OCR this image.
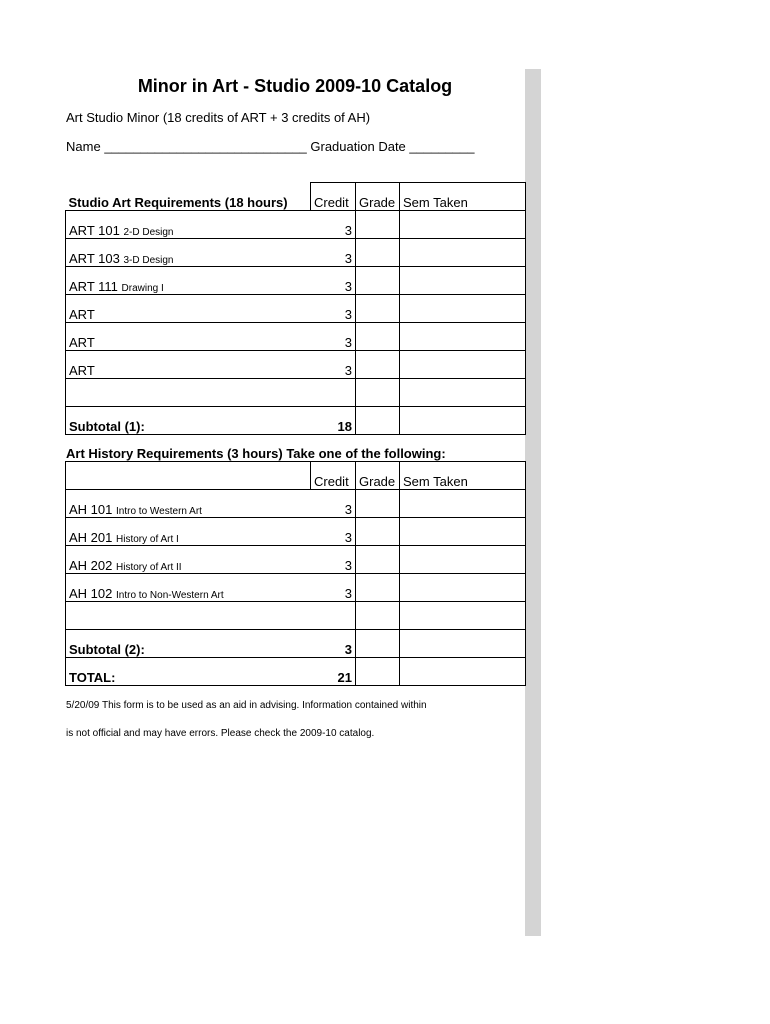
Minor in Art - Studio 2009-10 Catalog
Art Studio Minor (18 credits of ART + 3 credits of AH)
Name ____________________________ Graduation Date _________
Studio Art Requirements (18 hours)	Credit	Grade	Sem Taken
ART 101 2-D Design	3		
ART 103 3-D Design	3		
ART 111 Drawing I	3		
ART	3		
ART	3		
ART	3		

Subtotal (1):	18		
Art History Requirements (3 hours) Take one of the following:
	Credit	Grade	Sem Taken
AH 101 Intro to Western Art	3		
AH 201 History of Art I	3		
AH 202 History of Art II	3		
AH 102 Intro to Non-Western Art	3		

Subtotal (2):	3		
TOTAL:	21		
5/20/09 This form is to be used as an aid in advising. Information contained within
is not official and may have errors. Please check the 2009-10 catalog.
